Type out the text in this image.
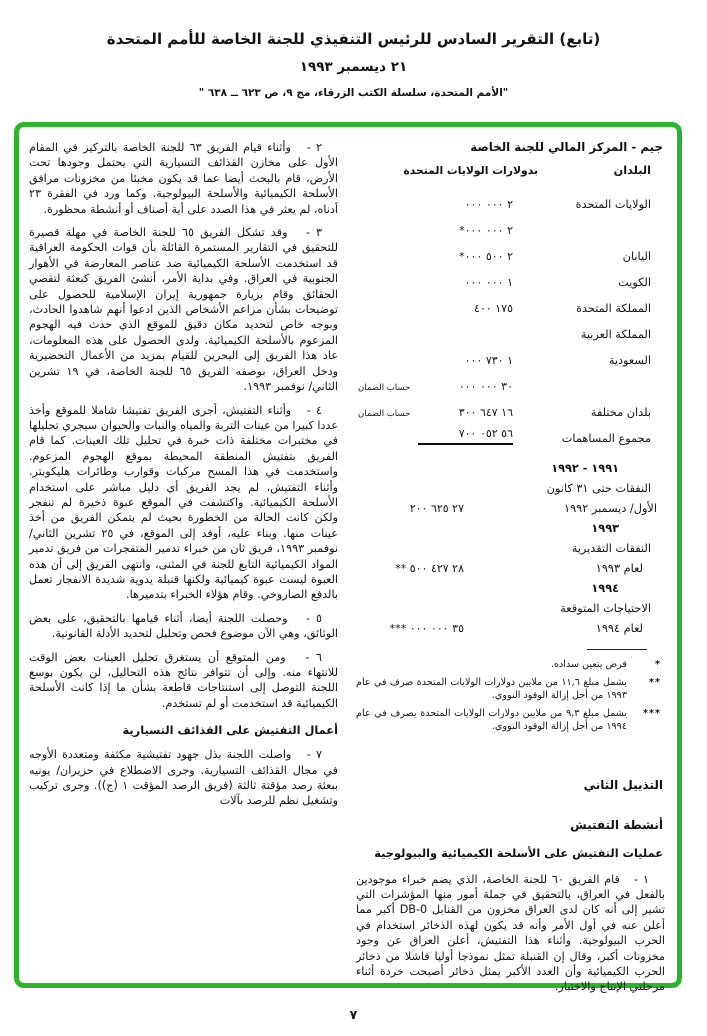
(تابع) التقرير السادس للرئيس التنفيذي للجنة الخاصة للأمم المتحدة
٢١ ديسمبر ١٩٩٣
"الأمم المتحدة، سلسلة الكتب الزرقاء، مج ٩، ص ٦٢٣ ــ ٦٣٨ "
جيم - المركز المالي للجنة الخاصة
البلدان
بدولارات الولايات المتحدة
الولايات المتحدة
٢ ٠٠٠ ٠٠٠
*٢ ٠٠٠ ٠٠٠
اليابان
*٢ ٥٠٠ ٠٠٠
الكويت
١ ٠٠٠ ٠٠٠
المملكة المتحدة
١٧٥ ٤٠٠
المملكة العربية
السعودية
١ ٧٣٠ ٠٠٠
٣٠ ٠٠٠ ٠٠٠
حساب الضمان
بلدان مختلفة
١٦ ٦٤٧ ٣٠٠
حساب الضمان
مجموع المساهمات
٥٦ ٠٥٢ ٧٠٠
١٩٩١ - ١٩٩٢
النفقات حتى ٣١ كانون
الأول/ ديسمبر ١٩٩٢
٢٧ ٦٢٥ ٢٠٠
١٩٩٣
النفقات التقديرية
لعام ١٩٩٣
** ٢٨ ٤٢٧ ٥٠٠
١٩٩٤
الاحتياجات المتوقعة
لعام ١٩٩٤
*** ٣٥ ٠٠٠ ٠٠٠
*
قرض يتعين سداده.
**
يشمل مبلغ ١١,٦ من ملايين دولارات الولايات المتحدة صرف في عام ١٩٩٣ من أجل إزالة الوقود النووي.
***
يشمل مبلغ ٩,٣ من ملايين دولارات الولايات المتحدة يصرف في عام ١٩٩٤ من أجل إزالة الوقود النووي.
التذييل الثاني
أنشطة التفتيش
عمليات التفتيش على الأسلحة الكيميائية والبيولوجية

١ -   قام الفريق ٦٠ للجنة الخاصة، الذي يضم خبراء موجودين بالفعل في العراق، بالتحقيق في جملة أمور منها المؤشرات التي تشير إلى أنه كان لدى العراق مخزون من القنابل DB-0 أكبر مما أعلن عنه في أول الأمر وأنه قد يكون لهذه الذخائر استخدام في الحرب البيولوجية. وأثناء هذا التفتيش، أعلن العراق عن وجود مخزونات أكبر، وقال إن القنبلة تمثل نموذجا أوليا فاشلا من ذخائر الحرب الكيميائية وأن العدد الأكبر يمثل ذخائر أصبحت خردة أثناء مرحلتي الإنتاج والاختبار.

٢ -   وأثناء قيام الفريق ٦٣ للجنة الخاصة بالتركيز في المقام الأول على مخازن القذائف التسيارية التي يحتمل وجودها تحت الأرض، قام بالبحث أيضا عما قد يكون مخبئا من مخزونات مرافق الأسلحة الكيميائية والأسلحة البيولوجية. وكما ورد في الفقرة ٢٣ أدناه، لم يعثر في هذا الصدد على أية أصناف أو أنشطة محظورة.

٣ -   وقد تشكل الفريق ٦٥ للجنة الخاصة في مهلة قصيرة للتحقيق في التقارير المستمرة القائلة بأن قوات الحكومة العراقية قد استخدمت الأسلحة الكيميائية ضد عناصر المعارضة في الأهوار الجنوبية في العراق. وفي بداية الأمر، أنشئ الفريق كبعثة لتقصي الحقائق وقام بزيارة جمهورية إيران الإسلامية للحصول على توضيحات بشأن مزاعم الأشخاص الذين ادعوا أنهم شاهدوا الحادث، وبوجه خاص لتحديد مكان دقيق للموقع الذي حدث فيه الهجوم المزعوم بالأسلحة الكيميائية. ولدى الحصول على هذه المعلومات، عاد هذا الفريق إلى البحرين للقيام بمزيد من الأعمال التحضيرية ودخل العراق، بوصفه الفريق ٦٥ للجنة الخاصة، في ١٩ تشرين الثاني/ نوفمبر ١٩٩٣.

٤ -   وأثناء التفتيش، أجرى الفريق تفتيشا شاملا للموقع وأخذ عددا كبيرا من عينات التربة والمياه والنبات والحيوان سيجري تحليلها في مختبرات مختلفة ذات خبرة في تحليل تلك العينات. كما قام الفريق بتفتيش المنطقة المحيطة بموقع الهجوم المزعوم. واستخدمت في هذا المسح مركبات وقوارب وطائرات هليكوبتر. وأثناء التفتيش، لم يجد الفريق أي دليل مباشر على استخدام الأسلحة الكيميائية. واكتشفت في الموقع عبوة ذخيرة لم تنفجر ولكن كانت الحالة من الخطورة بحيث لم يتمكن الفريق من أخذ عينات منها. وبناء عليه، أوفد إلى الموقع، في ٢٥ تشرين الثاني/ نوفمبر ١٩٩٣، فريق ثان من خبراء تدمير المتفجرات من فريق تدمير المواد الكيميائية التابع للجنة في المثنى، وانتهى الفريق إلى أن هذه العبوة ليست عبوة كيميائية ولكنها قنبلة يدوية شديدة الانفجار تعمل بالدفع الصاروخي. وقام هؤلاء الخبراء بتدميرها.

٥ -   وحصلت اللجنة أيضا، أثناء قيامها بالتحقيق، على بعض الوثائق، وهي الآن موضوع فحص وتحليل لتحديد الأدلة القانونية.

٦ -   ومن المتوقع أن يستغرق تحليل العينات بعض الوقت للانتهاء منه. وإلى أن تتوافر نتائج هذه التحاليل، لن يكون بوسع اللجنة التوصل إلى استنتاجات قاطعة بشأن ما إذا كانت الأسلحة الكيميائية قد استخدمت أو لم تستخدم.

أعمال التفتيش على القذائف التسيارية

٧ -   واصلت اللجنة بذل جهود تفتيشية مكثفة ومتعددة الأوجه في مجال القذائف التسيارية. وجرى الاضطلاع في حزيران/ يونيه ببعثة رصد مؤقتة ثالثة (فريق الرصد المؤقت ١ (ج)). وجرى تركيب وتشغيل نظم للرصد بآلات

٧
